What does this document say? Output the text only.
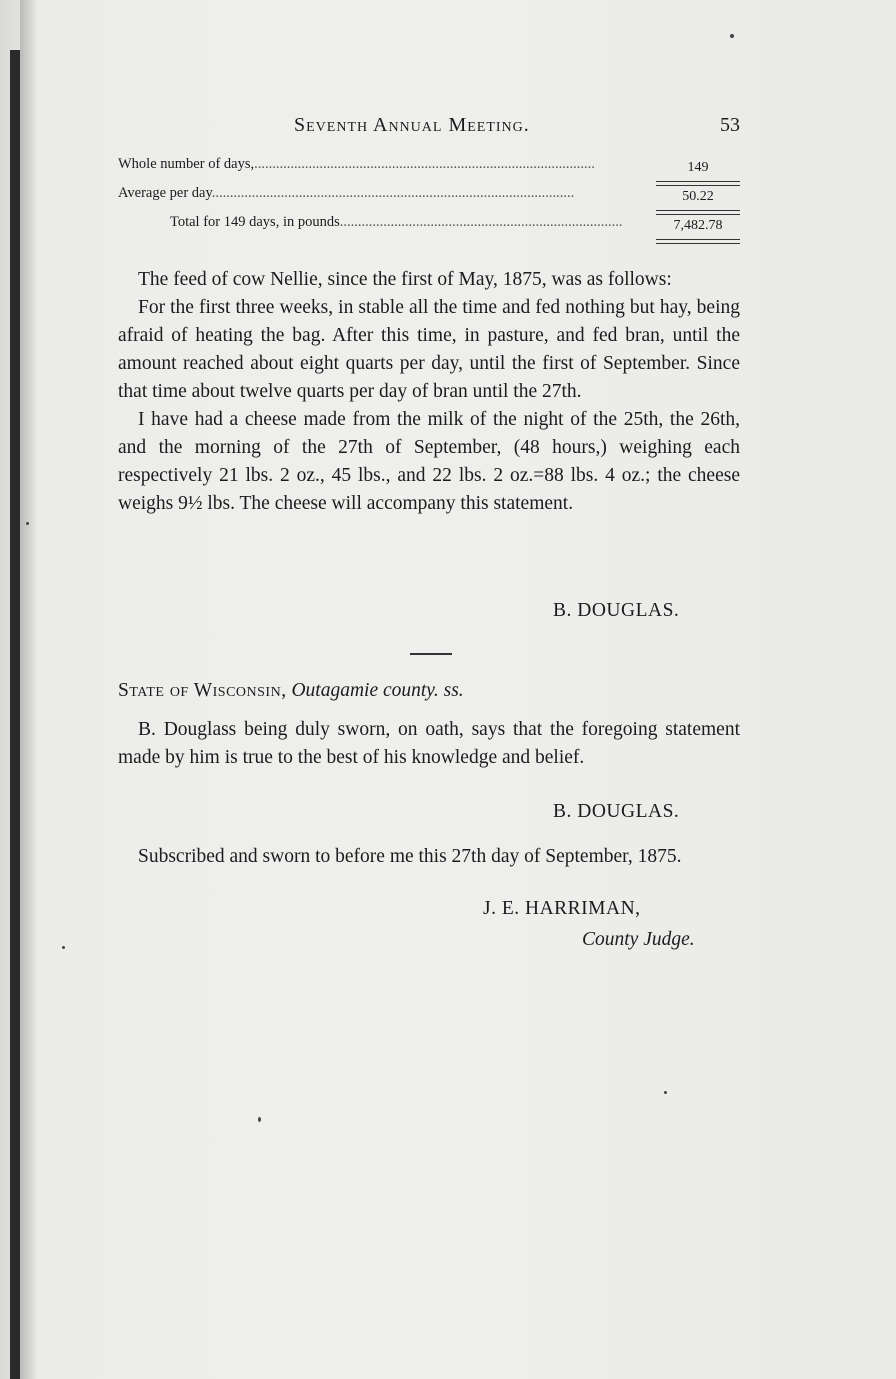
Seventh Annual Meeting.	53
Whole number of days,..............................................................................................	149
Average per day....................................................................................................	50.22
Total for 149 days, in pounds..............................................................................	7,482.78

The feed of cow Nellie, since the first of May, 1875, was as follows:

For the first three weeks, in stable all the time and fed nothing but hay, being afraid of heating the bag. After this time, in pasture, and fed bran, until the amount reached about eight quarts per day, until the first of September. Since that time about twelve quarts per day of bran until the 27th.

I have had a cheese made from the milk of the night of the 25th, the 26th, and the morning of the 27th of September, (48 hours,) weighing each respectively 21 lbs. 2 oz., 45 lbs., and 22 lbs. 2 oz.=88 lbs. 4 oz.; the cheese weighs 9½ lbs. The cheese will accompany this statement.

B. DOUGLAS.
State of Wisconsin, Outagamie county. ss.

B. Douglass being duly sworn, on oath, says that the foregoing statement made by him is true to the best of his knowledge and belief.

B. DOUGLAS.

Subscribed and sworn to before me this 27th day of September, 1875.

J. E. HARRIMAN,
County Judge.
